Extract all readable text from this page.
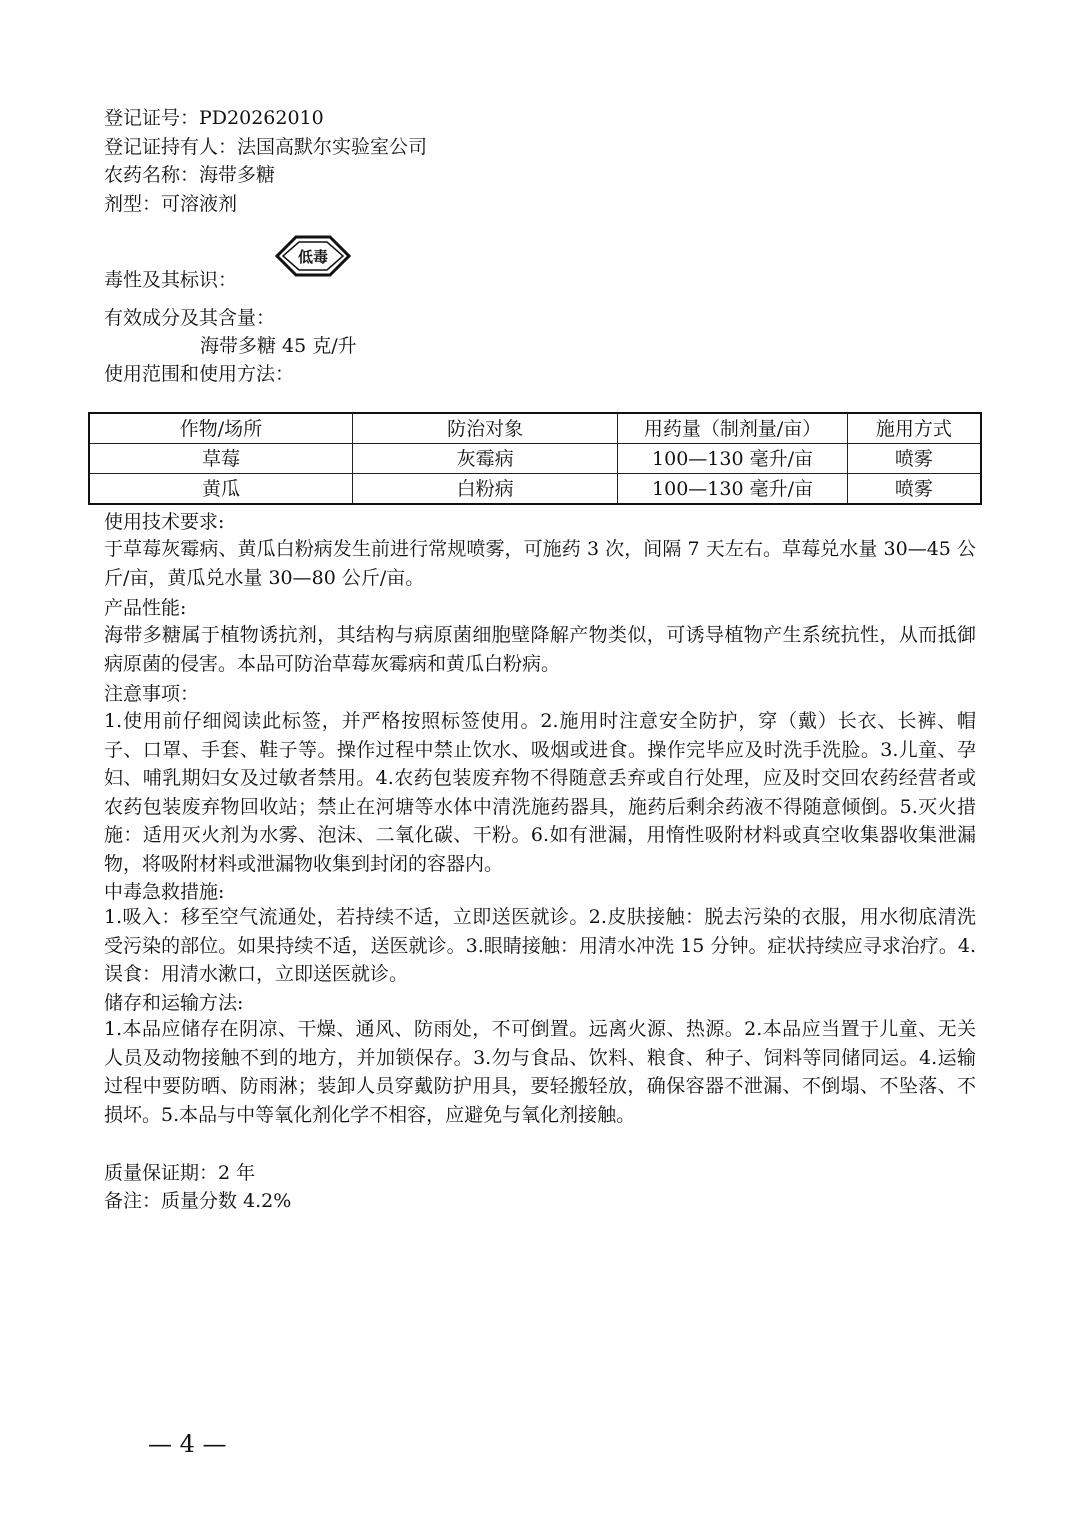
登记证号：PD20262010
登记证持有人：法国高默尔实验室公司
农药名称：海带多糖
剂型：可溶液剂
毒性及其标识：
低毒
有效成分及其含量：
海带多糖 45 克/升
使用范围和使用方法：
作物/场所	防治对象	用药量（制剂量/亩）	施用方式
草莓	灰霉病	100—130 毫升/亩	喷雾
黄瓜	白粉病	100—130 毫升/亩	喷雾
使用技术要求:
于草莓灰霉病、黄瓜白粉病发生前进行常规喷雾，可施药 3 次，间隔 7 天左右。草莓兑水量 30—45 公斤/亩，黄瓜兑水量 30—80 公斤/亩。
产品性能:
海带多糖属于植物诱抗剂，其结构与病原菌细胞壁降解产物类似，可诱导植物产生系统抗性，从而抵御病原菌的侵害。本品可防治草莓灰霉病和黄瓜白粉病。
注意事项：
1.使用前仔细阅读此标签，并严格按照标签使用。2.施用时注意安全防护，穿（戴）长衣、长裤、帽子、口罩、手套、鞋子等。操作过程中禁止饮水、吸烟或进食。操作完毕应及时洗手洗脸。3.儿童、孕妇、哺乳期妇女及过敏者禁用。4.农药包装废弃物不得随意丢弃或自行处理，应及时交回农药经营者或农药包装废弃物回收站；禁止在河塘等水体中清洗施药器具，施药后剩余药液不得随意倾倒。5.灭火措施：适用灭火剂为水雾、泡沫、二氧化碳、干粉。6.如有泄漏，用惰性吸附材料或真空收集器收集泄漏物，将吸附材料或泄漏物收集到封闭的容器内。
中毒急救措施:
1.吸入：移至空气流通处，若持续不适，立即送医就诊。2.皮肤接触：脱去污染的衣服，用水彻底清洗受污染的部位。如果持续不适，送医就诊。3.眼睛接触：用清水冲洗 15 分钟。症状持续应寻求治疗。4.误食：用清水漱口，立即送医就诊。
储存和运输方法:
1.本品应储存在阴凉、干燥、通风、防雨处，不可倒置。远离火源、热源。2.本品应当置于儿童、无关人员及动物接触不到的地方，并加锁保存。3.勿与食品、饮料、粮食、种子、饲料等同储同运。4.运输过程中要防晒、防雨淋；装卸人员穿戴防护用具，要轻搬轻放，确保容器不泄漏、不倒塌、不坠落、不损坏。5.本品与中等氧化剂化学不相容，应避免与氧化剂接触。
质量保证期：2 年
备注：质量分数 4.2%
— 4 —
